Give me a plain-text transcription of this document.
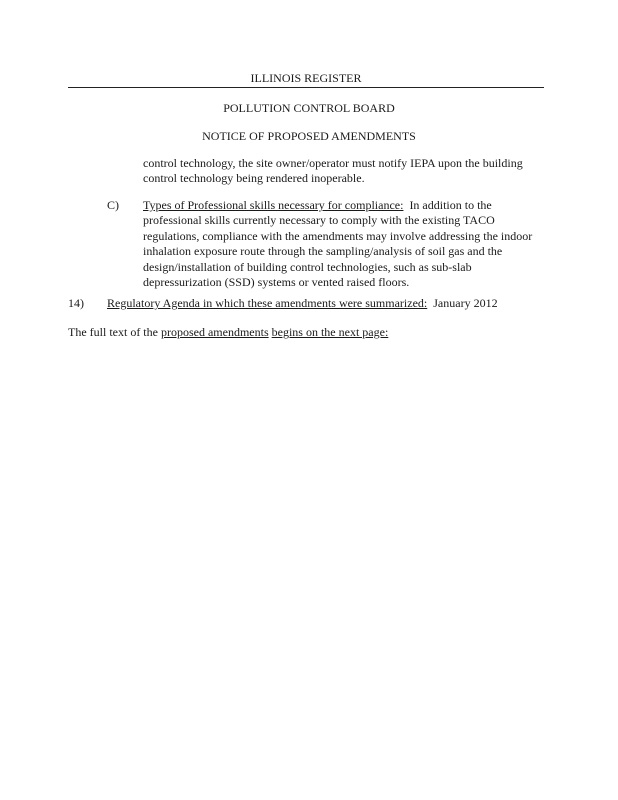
ILLINOIS REGISTER
POLLUTION CONTROL BOARD
NOTICE OF PROPOSED AMENDMENTS
control technology, the site owner/operator must notify IEPA upon the building
control technology being rendered inoperable.
C) Types of Professional skills necessary for compliance: In addition to the professional skills currently necessary to comply with the existing TACO regulations, compliance with the amendments may involve addressing the indoor inhalation exposure route through the sampling/analysis of soil gas and the design/installation of building control technologies, such as sub-slab depressurization (SSD) systems or vented raised floors.
14) Regulatory Agenda in which these amendments were summarized: January 2012
The full text of the proposed amendments begins on the next page:
